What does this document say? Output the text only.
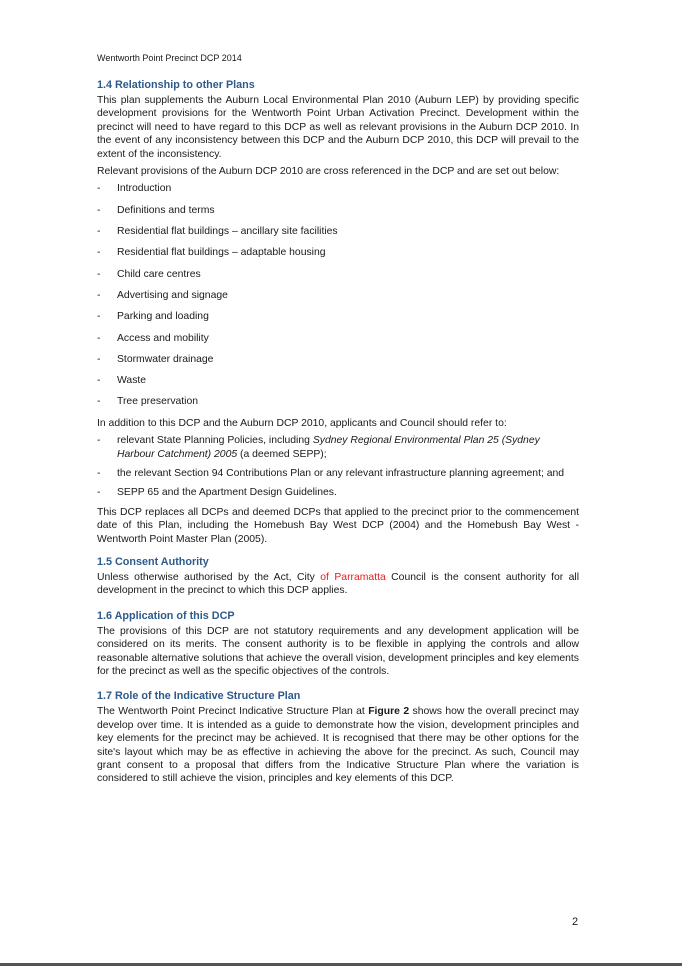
Wentworth Point Precinct DCP 2014
1.4 Relationship to other Plans

This plan supplements the Auburn Local Environmental Plan 2010 (Auburn LEP) by providing specific development provisions for the Wentworth Point Urban Activation Precinct. Development within the precinct will need to have regard to this DCP as well as relevant provisions in the Auburn DCP 2010. In the event of any inconsistency between this DCP and the Auburn DCP 2010, this DCP will prevail to the extent of the inconsistency.

Relevant provisions of the Auburn DCP 2010 are cross referenced in the DCP and are set out below:

- Introduction
- Definitions and terms
- Residential flat buildings – ancillary site facilities
- Residential flat buildings – adaptable housing
- Child care centres
- Advertising and signage
- Parking and loading
- Access and mobility
- Stormwater drainage
- Waste
- Tree preservation

In addition to this DCP and the Auburn DCP 2010, applicants and Council should refer to:

- relevant State Planning Policies, including Sydney Regional Environmental Plan 25 (Sydney Harbour Catchment) 2005 (a deemed SEPP);
- the relevant Section 94 Contributions Plan or any relevant infrastructure planning agreement; and
- SEPP 65 and the Apartment Design Guidelines.

This DCP replaces all DCPs and deemed DCPs that applied to the precinct prior to the commencement date of this Plan, including the Homebush Bay West DCP (2004) and the Homebush Bay West - Wentworth Point Master Plan (2005).

1.5 Consent Authority

Unless otherwise authorised by the Act, City of Parramatta Council is the consent authority for all development in the precinct to which this DCP applies.

1.6 Application of this DCP

The provisions of this DCP are not statutory requirements and any development application will be considered on its merits. The consent authority is to be flexible in applying the controls and allow reasonable alternative solutions that achieve the overall vision, development principles and key elements for the precinct as well as the specific objectives of the controls.

1.7 Role of the Indicative Structure Plan

The Wentworth Point Precinct Indicative Structure Plan at Figure 2 shows how the overall precinct may develop over time. It is intended as a guide to demonstrate how the vision, development principles and key elements for the precinct may be achieved. It is recognised that there may be other options for the site's layout which may be as effective in achieving the above for the precinct. As such, Council may grant consent to a proposal that differs from the Indicative Structure Plan where the variation is considered to still achieve the vision, principles and key elements of this DCP.

2
